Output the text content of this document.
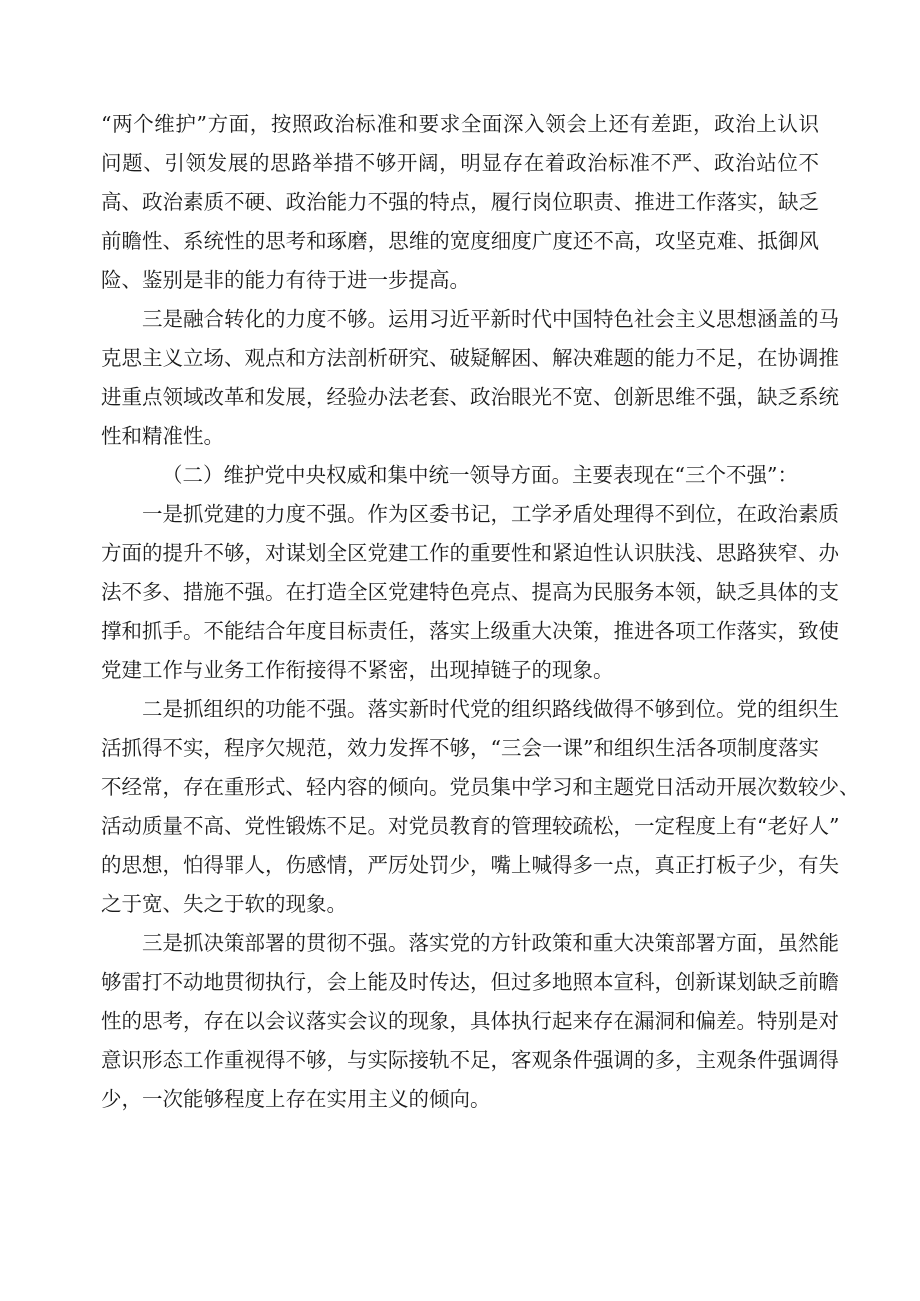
“两个维护”方面，按照政治标准和要求全面深入领会上还有差距，政治上认识
问题、引领发展的思路举措不够开阔，明显存在着政治标准不严、政治站位不
高、政治素质不硬、政治能力不强的特点，履行岗位职责、推进工作落实，缺乏
前瞻性、系统性的思考和琢磨，思维的宽度细度广度还不高，攻坚克难、抵御风
险、鉴别是非的能力有待于进一步提高。
三是融合转化的力度不够。运用习近平新时代中国特色社会主义思想涵盖的马
克思主义立场、观点和方法剖析研究、破疑解困、解决难题的能力不足，在协调推
进重点领域改革和发展，经验办法老套、政治眼光不宽、创新思维不强，缺乏系统
性和精准性。
（二）维护党中央权威和集中统一领导方面。主要表现在“三个不强”：
一是抓党建的力度不强。作为区委书记，工学矛盾处理得不到位，在政治素质
方面的提升不够，对谋划全区党建工作的重要性和紧迫性认识肤浅、思路狭窄、办
法不多、措施不强。在打造全区党建特色亮点、提高为民服务本领，缺乏具体的支
撑和抓手。不能结合年度目标责任，落实上级重大决策，推进各项工作落实，致使
党建工作与业务工作衔接得不紧密，出现掉链子的现象。
二是抓组织的功能不强。落实新时代党的组织路线做得不够到位。党的组织生
活抓得不实，程序欠规范，效力发挥不够，“三会一课”和组织生活各项制度落实
不经常，存在重形式、轻内容的倾向。党员集中学习和主题党日活动开展次数较少、
活动质量不高、党性锻炼不足。对党员教育的管理较疏松，一定程度上有“老好人”
的思想，怕得罪人，伤感情，严厉处罚少，嘴上喊得多一点，真正打板子少，有失
之于宽、失之于软的现象。
三是抓决策部署的贯彻不强。落实党的方针政策和重大决策部署方面，虽然能
够雷打不动地贯彻执行，会上能及时传达，但过多地照本宣科，创新谋划缺乏前瞻
性的思考，存在以会议落实会议的现象，具体执行起来存在漏洞和偏差。特别是对
意识形态工作重视得不够，与实际接轨不足，客观条件强调的多，主观条件强调得
少，一次能够程度上存在实用主义的倾向。
